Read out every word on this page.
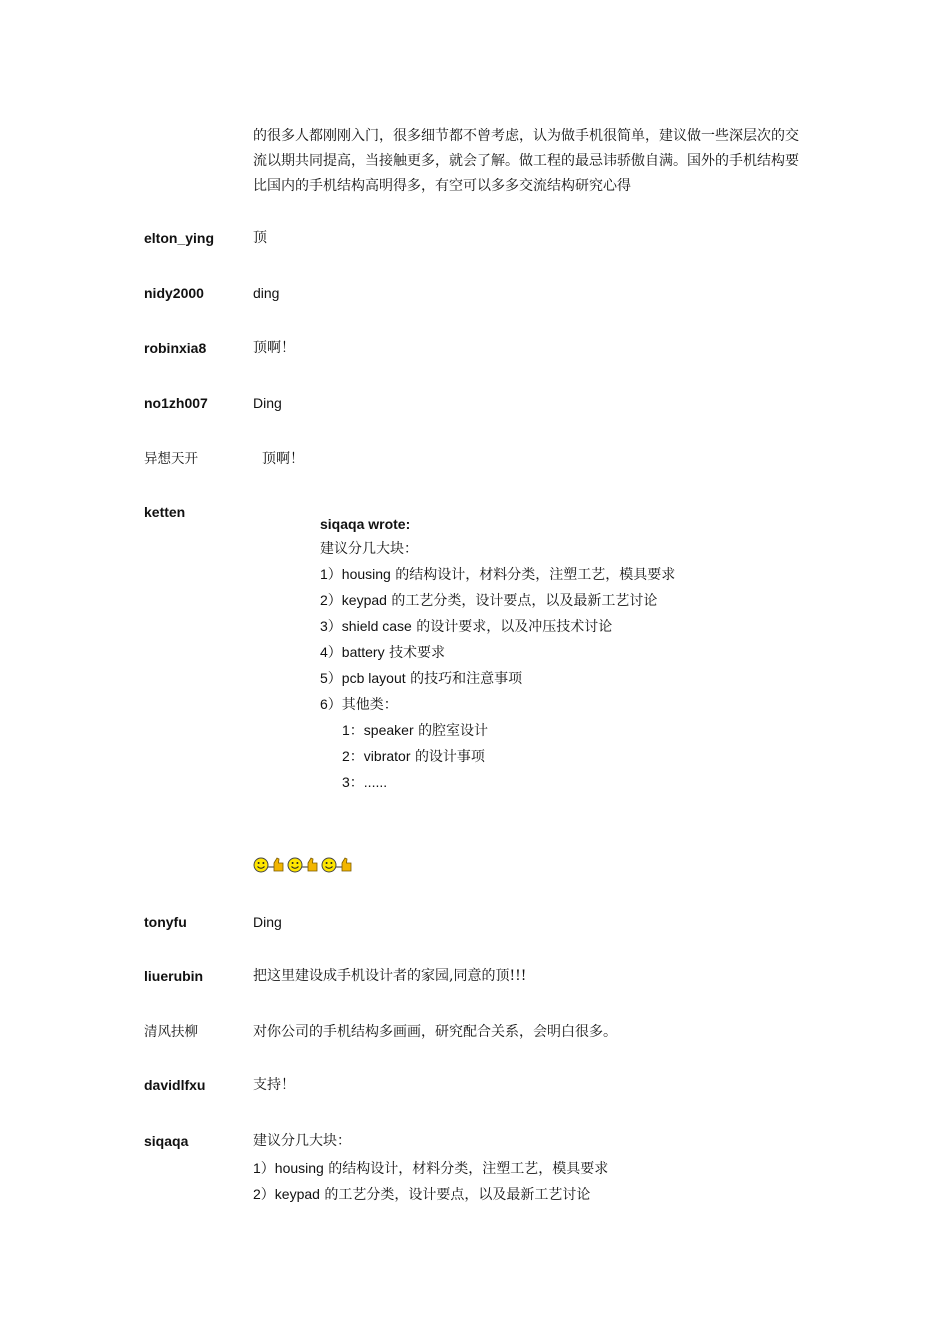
的很多人都刚刚入门，很多细节都不曾考虑，认为做手机很简单，建议做一些深层次的交
流以期共同提高，当接触更多，就会了解。做工程的最忌讳骄傲自满。国外的手机结构要
比国内的手机结构高明得多，有空可以多多交流结构研究心得
elton_ying	顶
nidy2000	ding
robinxia8	顶啊！
no1zh007	Ding
异想天开	顶啊！
ketten
siqaqa wrote:
建议分几大块：
1）housing 的结构设计，材料分类，注塑工艺，模具要求
2）keypad 的工艺分类，设计要点，以及最新工艺讨论
3）shield case 的设计要求，以及冲压技术讨论
4）battery 技术要求
5）pcb layout 的技巧和注意事项
6）其他类：
1：speaker 的腔室设计
2：vibrator 的设计事项
3：......
tonyfu	Ding
liuerubin	把这里建设成手机设计者的家园,同意的顶!!!
清风扶柳	对你公司的手机结构多画画，研究配合关系，会明白很多。
davidlfxu	支持！
siqaqa	建议分几大块：
1）housing 的结构设计，材料分类，注塑工艺，模具要求
2）keypad 的工艺分类，设计要点，以及最新工艺讨论
